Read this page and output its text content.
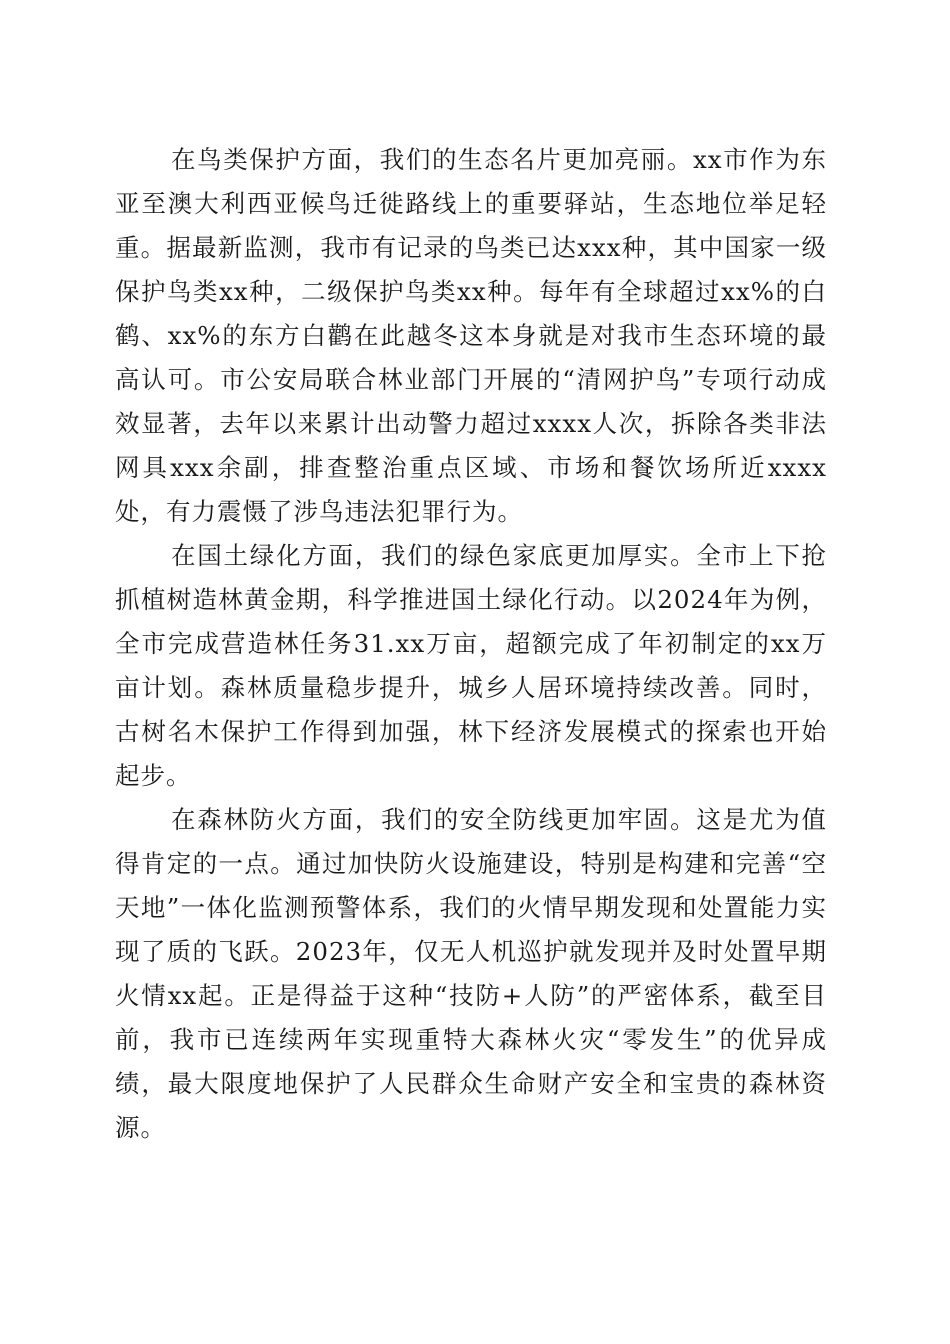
在鸟类保护方面，我们的生态名片更加亮丽。xx市作为东亚至澳大利西亚候鸟迁徙路线上的重要驿站，生态地位举足轻重。据最新监测，我市有记录的鸟类已达xxx种，其中国家一级保护鸟类xx种，二级保护鸟类xx种。每年有全球超过xx%的白鹤、xx%的东方白鹳在此越冬这本身就是对我市生态环境的最高认可。市公安局联合林业部门开展的“清网护鸟”专项行动成效显著，去年以来累计出动警力超过xxxx人次，拆除各类非法网具xxx余副，排查整治重点区域、市场和餐饮场所近xxxx处，有力震慑了涉鸟违法犯罪行为。

在国土绿化方面，我们的绿色家底更加厚实。全市上下抢抓植树造林黄金期，科学推进国土绿化行动。以2024年为例，全市完成营造林任务31.xx万亩，超额完成了年初制定的xx万亩计划。森林质量稳步提升，城乡人居环境持续改善。同时，古树名木保护工作得到加强，林下经济发展模式的探索也开始起步。

在森林防火方面，我们的安全防线更加牢固。这是尤为值得肯定的一点。通过加快防火设施建设，特别是构建和完善“空天地”一体化监测预警体系，我们的火情早期发现和处置能力实现了质的飞跃。2023年，仅无人机巡护就发现并及时处置早期火情xx起。正是得益于这种“技防+人防”的严密体系，截至目前，我市已连续两年实现重特大森林火灾“零发生”的优异成绩，最大限度地保护了人民群众生命财产安全和宝贵的森林资源。
